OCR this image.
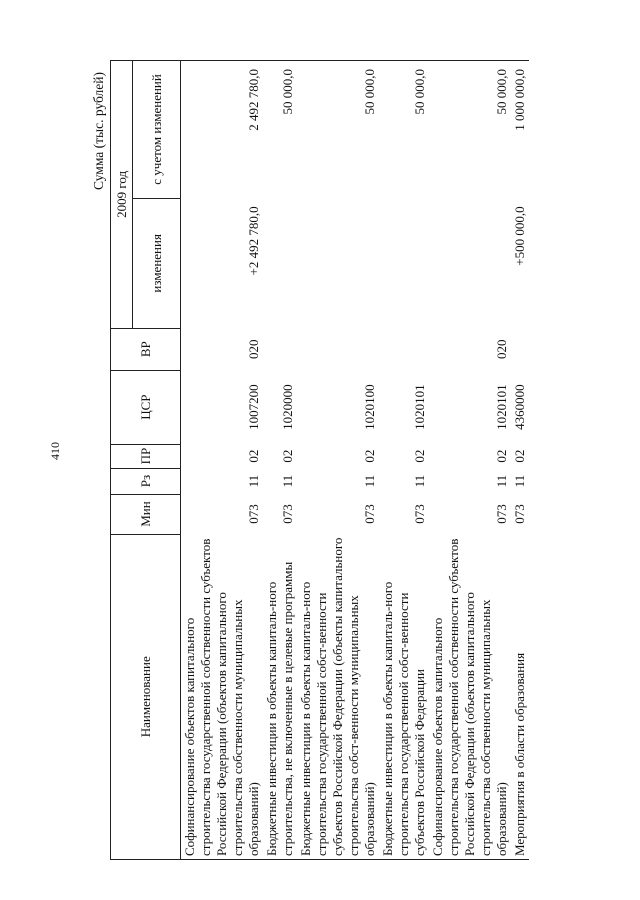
410
Сумма (тыс. рублей)
Наименование	Мин	Рз	ПР	ЦСР	ВР	2009 год	
						изменения	с учетом изменений
Софинансирование объектов капитального строительства государственной собственности субъектов Российской Федерации (объектов капитального строительства собственности муниципальных образований)	073	11	02	1007200	020	+2 492 780,0	2 492 780,0
Бюджетные инвестиции в объекты капиталь-ного строительства, не включенные в целевые программы	073	11	02	1020000			50 000,0
Бюджетные инвестиции в объекты капиталь-ного строительства государственной собст-венности субъектов Российской Федерации (объекты капитального строительства собст-венности муниципальных образований)	073	11	02	1020100			50 000,0
Бюджетные инвестиции в объекты капиталь-ного строительства государственной собст-венности субъектов Российской Федерации	073	11	02	1020101			50 000,0
Софинансирование объектов капитального строительства государственной собственности субъектов Российской Федерации (объектов капитального строительства собственности муниципальных образований)	073	11	02	1020101	020		50 000,0
Мероприятия в области образования	073	11	02	4360000		+500 000,0	1 000 000,0
